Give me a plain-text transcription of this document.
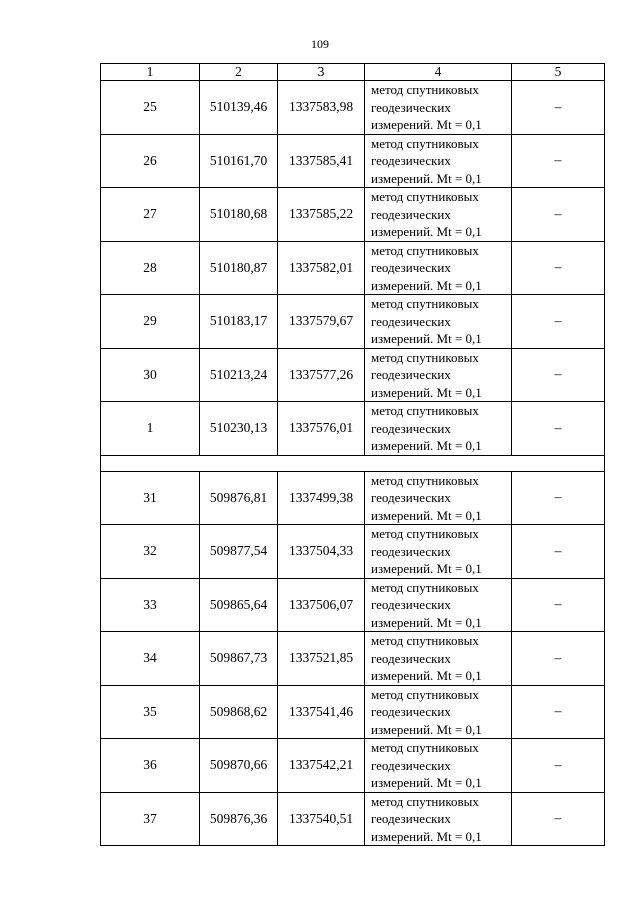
109
1	2	3	4	5
25	510139,46	1337583,98	метод спутниковых
геодезических
измерений. Mt = 0,1	–
26	510161,70	1337585,41	метод спутниковых
геодезических
измерений. Mt = 0,1	–
27	510180,68	1337585,22	метод спутниковых
геодезических
измерений. Mt = 0,1	–
28	510180,87	1337582,01	метод спутниковых
геодезических
измерений. Mt = 0,1	–
29	510183,17	1337579,67	метод спутниковых
геодезических
измерений. Mt = 0,1	–
30	510213,24	1337577,26	метод спутниковых
геодезических
измерений. Mt = 0,1	–
1	510230,13	1337576,01	метод спутниковых
геодезических
измерений. Mt = 0,1	–

31	509876,81	1337499,38	метод спутниковых
геодезических
измерений. Mt = 0,1	–
32	509877,54	1337504,33	метод спутниковых
геодезических
измерений. Mt = 0,1	–
33	509865,64	1337506,07	метод спутниковых
геодезических
измерений. Mt = 0,1	–
34	509867,73	1337521,85	метод спутниковых
геодезических
измерений. Mt = 0,1	–
35	509868,62	1337541,46	метод спутниковых
геодезических
измерений. Mt = 0,1	–
36	509870,66	1337542,21	метод спутниковых
геодезических
измерений. Mt = 0,1	–
37	509876,36	1337540,51	метод спутниковых
геодезических
измерений. Mt = 0,1	–
